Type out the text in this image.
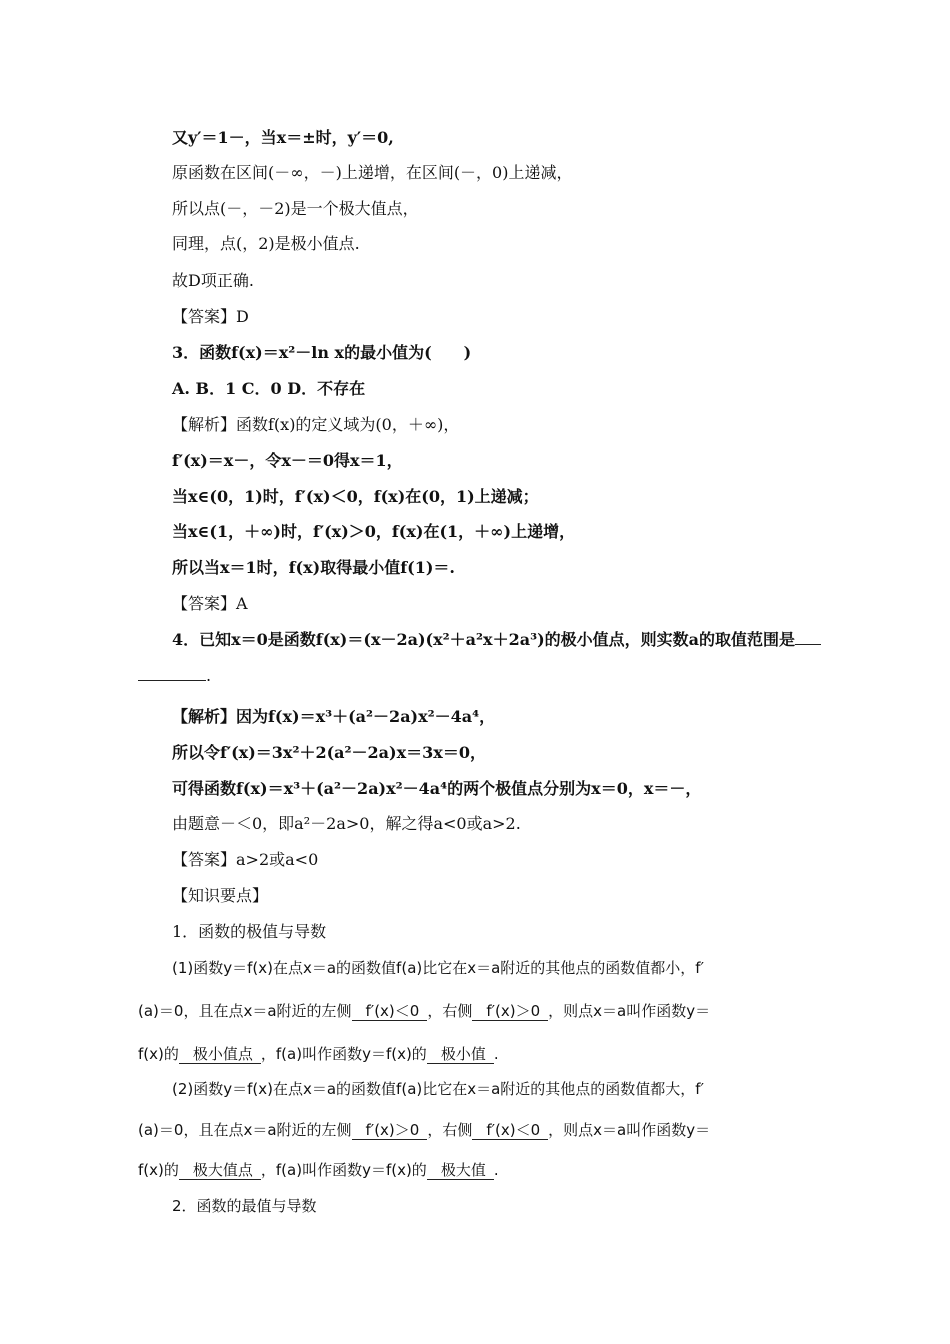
又y′＝1－，当x＝±时，y′＝0,
原函数在区间(－∞，－)上递增，在区间(－，0)上递减，
所以点(－，－2)是一个极大值点，
同理，点(，2)是极小值点.
故D项正确.
【答案】D
3．函数f(x)＝x²－ln x的最小值为(　　)
A. B．1 C．0 D．不存在
【解析】函数f(x)的定义域为(0，＋∞)，
f′(x)＝x－，令x－＝0得x＝1，
当x∈(0，1)时，f′(x)＜0，f(x)在(0，1)上递减；
当x∈(1，＋∞)时，f′(x)＞0，f(x)在(1，＋∞)上递增，
所以当x＝1时，f(x)取得最小值f(1)＝.
【答案】A
4．已知x＝0是函数f(x)＝(x－2a)(x²＋a²x＋2a³)的极小值点，则实数a的取值范围是
.
【解析】因为f(x)＝x³＋(a²－2a)x²－4a⁴，
所以令f′(x)＝3x²＋2(a²－2a)x＝3x＝0，
可得函数f(x)＝x³＋(a²－2a)x²－4a⁴的两个极值点分别为x＝0，x＝－，
由题意－＜0，即a²－2a>0，解之得a<0或a>2.
【答案】a>2或a<0
【知识要点】
1．函数的极值与导数
(1)函数y＝f(x)在点x＝a的函数值f(a)比它在x＝a附近的其他点的函数值都小，f′
(a)＝0，且在点x＝a附近的左侧 f′(x)＜0 ，右侧 f′(x)＞0 ，则点x＝a叫作函数y＝
f(x)的 极小值点 ，f(a)叫作函数y＝f(x)的 极小值 .
(2)函数y＝f(x)在点x＝a的函数值f(a)比它在x＝a附近的其他点的函数值都大，f′
(a)＝0，且在点x＝a附近的左侧 f′(x)＞0 ，右侧 f′(x)＜0 ，则点x＝a叫作函数y＝
f(x)的 极大值点 ，f(a)叫作函数y＝f(x)的 极大值 .
2．函数的最值与导数
